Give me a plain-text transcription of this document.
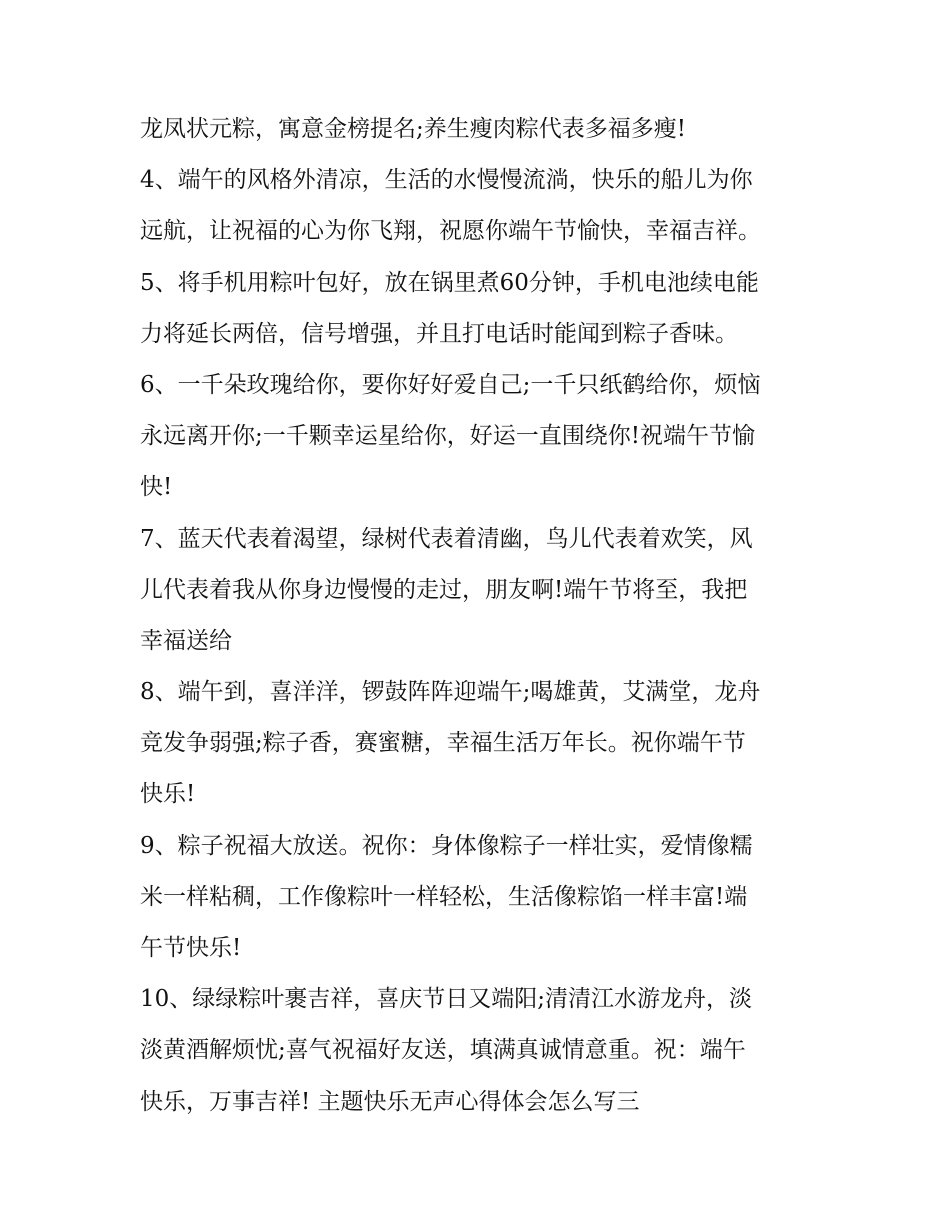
龙凤状元粽，寓意金榜提名;养生瘦肉粽代表多福多瘦!

4、端午的风格外清凉，生活的水慢慢流淌，快乐的船儿为你
远航，让祝福的心为你飞翔，祝愿你端午节愉快，幸福吉祥。

5、将手机用粽叶包好，放在锅里煮60分钟，手机电池续电能
力将延长两倍，信号增强，并且打电话时能闻到粽子香味。

6、一千朵玫瑰给你，要你好好爱自己;一千只纸鹤给你，烦恼
永远离开你;一千颗幸运星给你，好运一直围绕你!祝端午节愉
快!

7、蓝天代表着渴望，绿树代表着清幽，鸟儿代表着欢笑，风
儿代表着我从你身边慢慢的走过，朋友啊!端午节将至，我把
幸福送给

8、端午到，喜洋洋，锣鼓阵阵迎端午;喝雄黄，艾满堂，龙舟
竞发争弱强;粽子香，赛蜜糖，幸福生活万年长。祝你端午节
快乐!

9、粽子祝福大放送。祝你：身体像粽子一样壮实，爱情像糯
米一样粘稠，工作像粽叶一样轻松，生活像粽馅一样丰富!端
午节快乐!

10、绿绿粽叶裹吉祥，喜庆节日又端阳;清清江水游龙舟，淡
淡黄酒解烦忧;喜气祝福好友送，填满真诚情意重。祝：端午
快乐，万事吉祥! 主题快乐无声心得体会怎么写三
